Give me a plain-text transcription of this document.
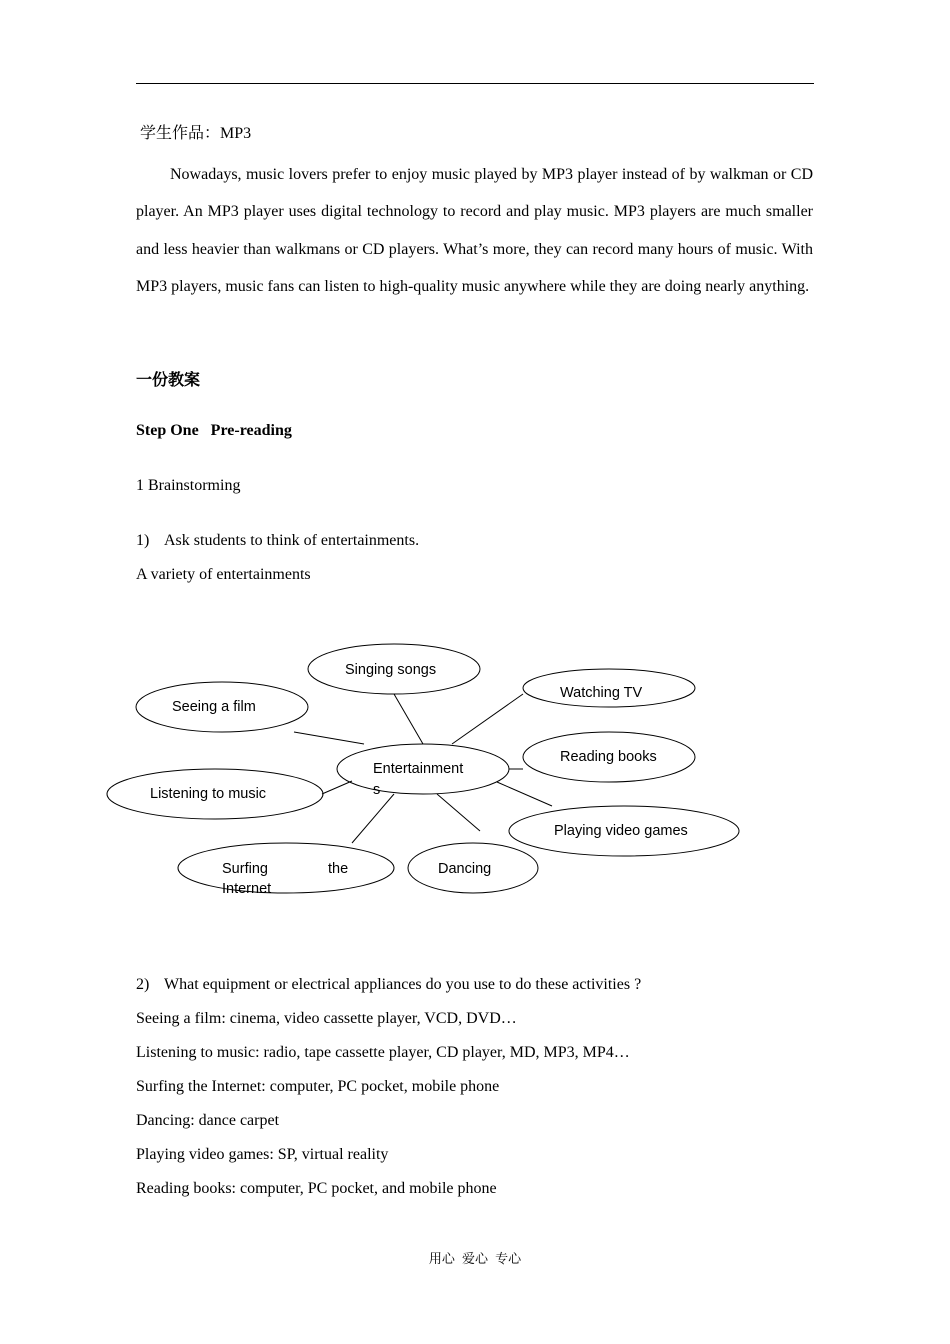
学生作品：MP3

Nowadays, music lovers prefer to enjoy music played by MP3 player instead of by walkman or CD player. An MP3 player uses digital technology to record and play music. MP3 players are much smaller and less heavier than walkmans or CD players. What’s more, they can record many hours of music. With MP3 players, music fans can listen to high-quality music anywhere while they are doing nearly anything.

一份教案
Step One   Pre-reading
1 Brainstorming
1) Ask students to think of entertainments.
A variety of entertainments
Singing songs
Watching TV
Seeing a film
Reading books
Entertainment
s
Listening to music
Playing video games
Surfing	the
Internet
Dancing
2) What equipment or electrical appliances do you use to do these activities ?
Seeing a film: cinema, video cassette player, VCD, DVD…
Listening to music: radio, tape cassette player, CD player, MD, MP3, MP4…
Surfing the Internet: computer, PC pocket, mobile phone
Dancing: dance carpet
Playing video games: SP, virtual reality
Reading books: computer, PC pocket, and mobile phone
用心 爱心 专心
